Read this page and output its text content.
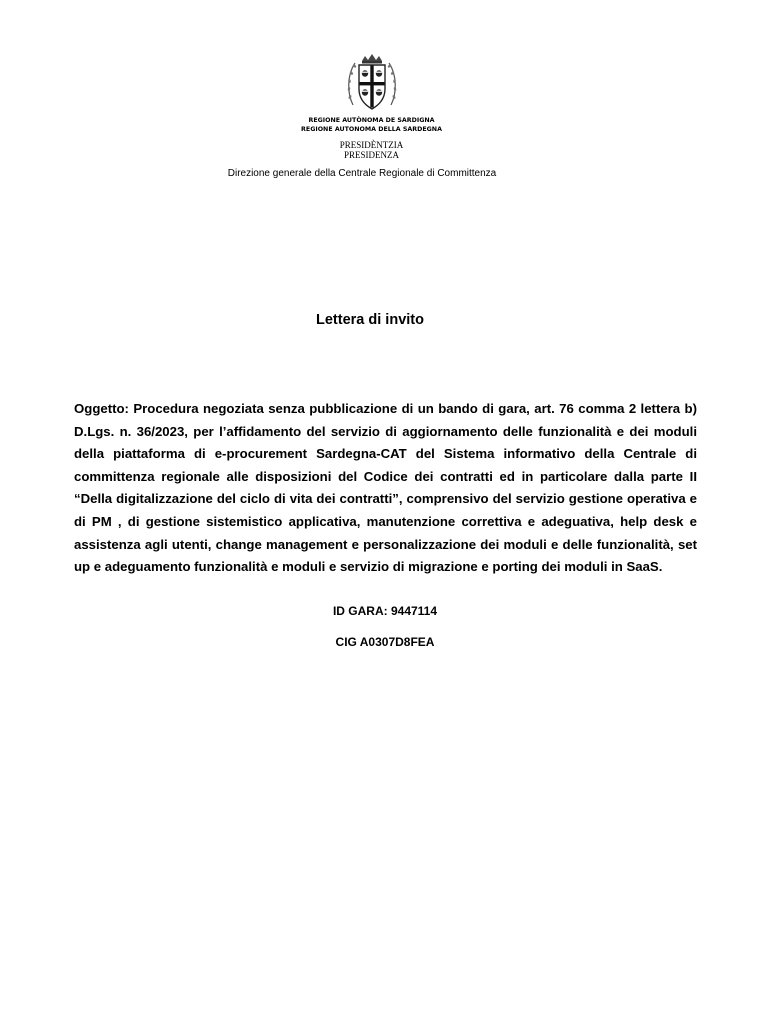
REGIONE AUTÒNOMA DE SARDIGNA
REGIONE AUTONOMA DELLA SARDEGNA
PRESIDÈNTZIA
PRESIDENZA
Direzione generale della Centrale Regionale di Committenza
Lettera di invito
Oggetto: Procedura negoziata senza pubblicazione di un bando di gara, art. 76 comma 2 lettera b) D.Lgs. n. 36/2023, per l’affidamento del servizio di aggiornamento delle funzionalità e dei moduli della piattaforma di e-procurement Sardegna-CAT del Sistema informativo della Centrale di committenza regionale alle disposizioni del Codice dei contratti ed in particolare dalla parte II “Della digitalizzazione del ciclo di vita dei contratti”, comprensivo del servizio gestione operativa e di PM , di gestione sistemistico applicativa, manutenzione correttiva e adeguativa, help desk e assistenza agli utenti, change management e personalizzazione dei moduli e delle funzionalità, set up e adeguamento funzionalità e moduli e servizio di migrazione e porting dei moduli in SaaS.
ID GARA: 9447114
CIG A0307D8FEA
